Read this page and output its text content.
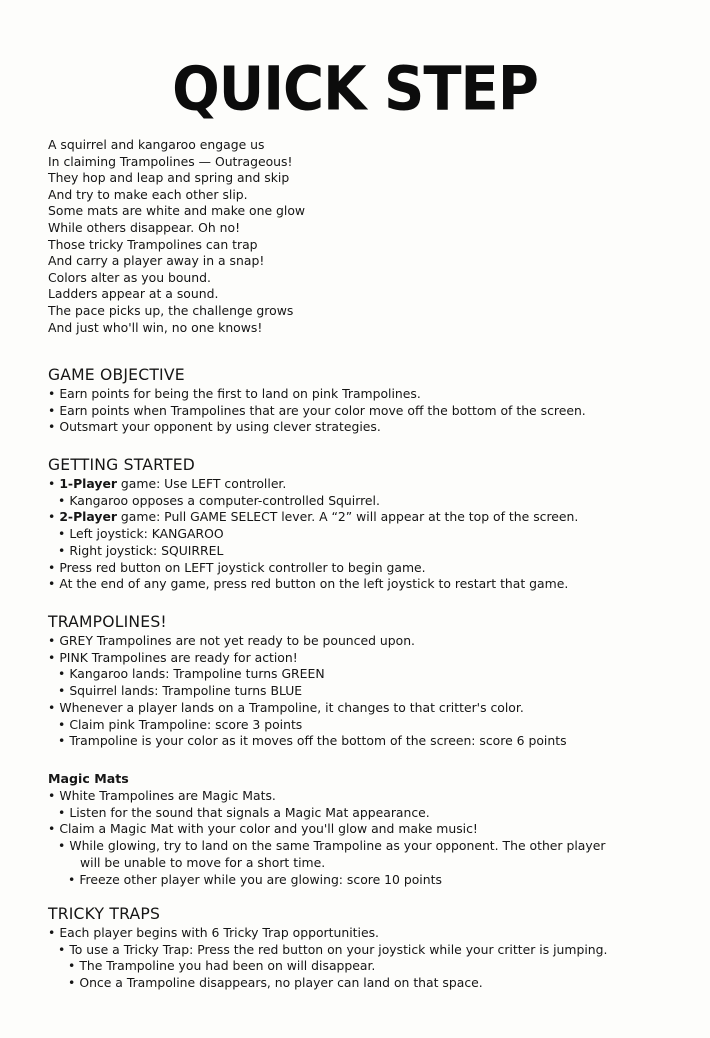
QUICK STEP
A squirrel and kangaroo engage us
In claiming Trampolines — Outrageous!
They hop and leap and spring and skip
And try to make each other slip.
Some mats are white and make one glow
While others disappear. Oh no!
Those tricky Trampolines can trap
And carry a player away in a snap!
Colors alter as you bound.
Ladders appear at a sound.
The pace picks up, the challenge grows
And just who'll win, no one knows!
GAME OBJECTIVE
• Earn points for being the first to land on pink Trampolines.
• Earn points when Trampolines that are your color move off the bottom of the screen.
• Outsmart your opponent by using clever strategies.
GETTING STARTED
• 1-Player game: Use LEFT controller.
• Kangaroo opposes a computer-controlled Squirrel.
• 2-Player game: Pull GAME SELECT lever. A “2” will appear at the top of the screen.
• Left joystick: KANGAROO
• Right joystick: SQUIRREL
• Press red button on LEFT joystick controller to begin game.
• At the end of any game, press red button on the left joystick to restart that game.
TRAMPOLINES!
• GREY Trampolines are not yet ready to be pounced upon.
• PINK Trampolines are ready for action!
• Kangaroo lands: Trampoline turns GREEN
• Squirrel lands: Trampoline turns BLUE
• Whenever a player lands on a Trampoline, it changes to that critter's color.
• Claim pink Trampoline: score 3 points
• Trampoline is your color as it moves off the bottom of the screen: score 6 points
Magic Mats
• White Trampolines are Magic Mats.
• Listen for the sound that signals a Magic Mat appearance.
• Claim a Magic Mat with your color and you'll glow and make music!
• While glowing, try to land on the same Trampoline as your opponent. The other player
will be unable to move for a short time.
• Freeze other player while you are glowing: score 10 points
TRICKY TRAPS
• Each player begins with 6 Tricky Trap opportunities.
• To use a Tricky Trap: Press the red button on your joystick while your critter is jumping.
• The Trampoline you had been on will disappear.
• Once a Trampoline disappears, no player can land on that space.
